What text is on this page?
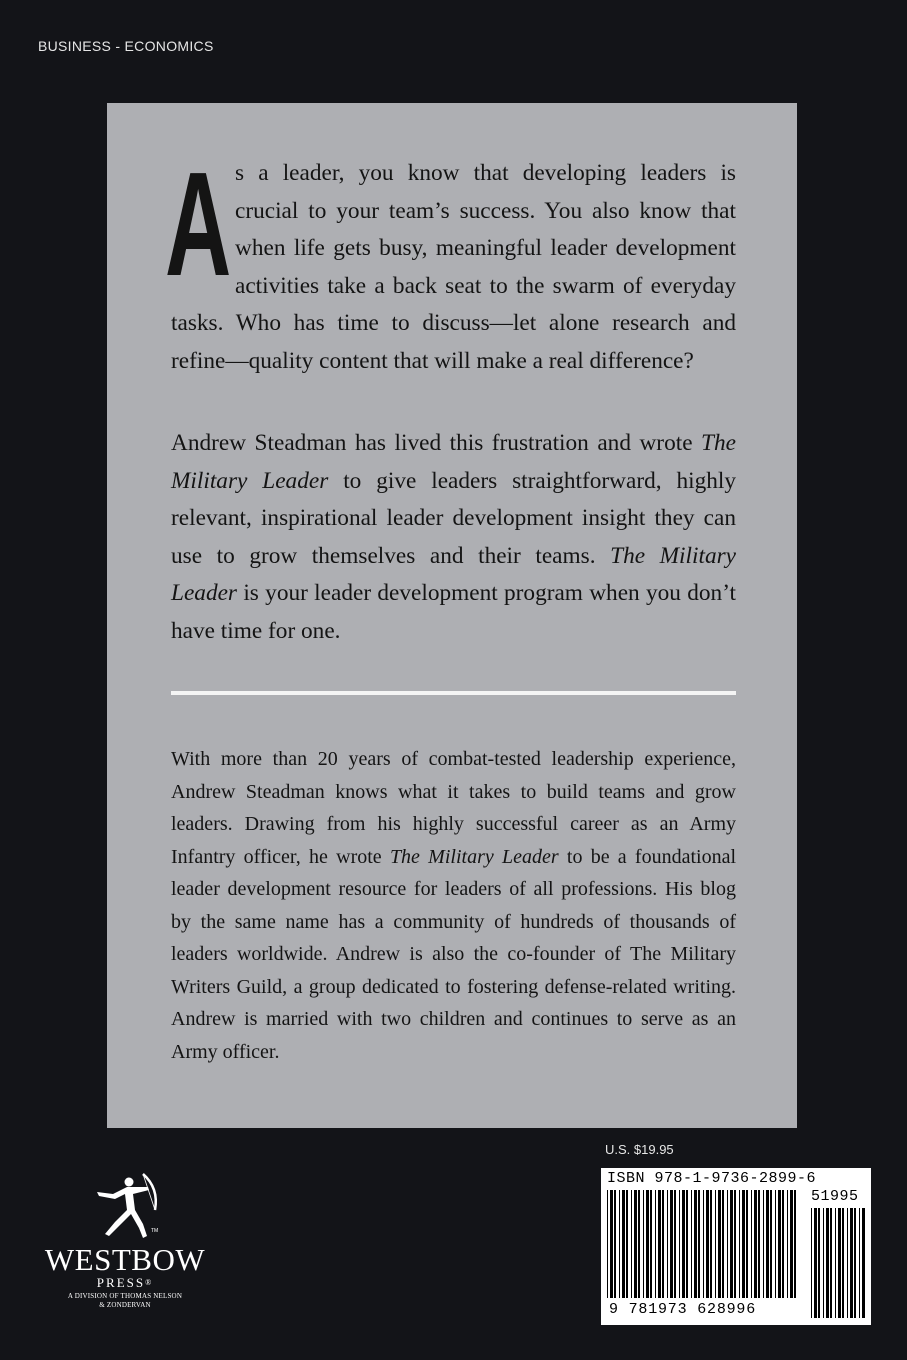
BUSINESS - ECONOMICS

As a leader, you know that developing leaders is crucial to your team’s success. You also know that when life gets busy, meaningful leader development activities take a back seat to the swarm of everyday tasks. Who has time to discuss—let alone research and refine—quality content that will make a real difference?

Andrew Steadman has lived this frustration and wrote The Military Leader to give leaders straightforward, highly relevant, inspirational leader development insight they can use to grow themselves and their teams. The Military Leader is your leader development program when you don’t have time for one.

With more than 20 years of combat-tested leadership experience, Andrew Steadman knows what it takes to build teams and grow leaders. Drawing from his highly successful career as an Army Infantry officer, he wrote The Military Leader to be a foundational leader development resource for leaders of all professions. His blog by the same name has a community of hundreds of thousands of leaders worldwide. Andrew is also the co-founder of The Military Writers Guild, a group dedicated to fostering defense-related writing. Andrew is married with two children and continues to serve as an Army officer.

TM
WESTBOW
PRESS®
A DIVISION OF THOMAS NELSON
& ZONDERVAN
U.S. $19.95
ISBN 978-1-9736-2899-6
51995
9 781973 628996
